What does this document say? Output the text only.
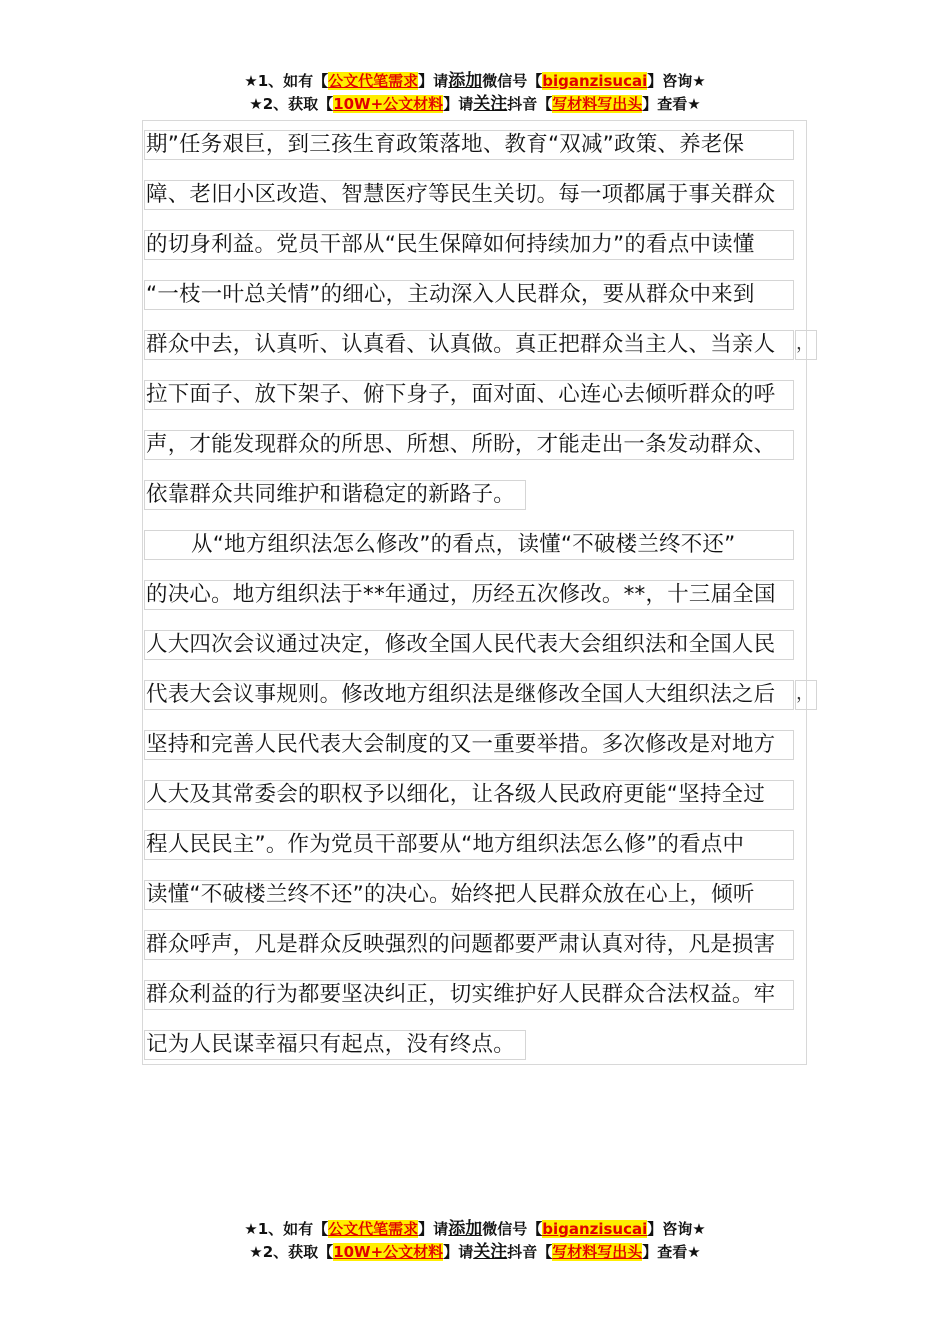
★1、如有【公文代笔需求】请添加微信号【biganzisucai】咨询★
★2、获取【10W+公文材料】请关注抖音【写材料写出头】查看★
期”任务艰巨，到三孩生育政策落地、教育“双减”政策、养老保
障、老旧小区改造、智慧医疗等民生关切。每一项都属于事关群众
的切身利益。党员干部从“民生保障如何持续加力”的看点中读懂
“一枝一叶总关情”的细心，主动深入人民群众，要从群众中来到
群众中去，认真听、认真看、认真做。真正把群众当主人、当亲人	，
拉下面子、放下架子、俯下身子，面对面、心连心去倾听群众的呼
声，才能发现群众的所思、所想、所盼，才能走出一条发动群众、
依靠群众共同维护和谐稳定的新路子。
从“地方组织法怎么修改”的看点，读懂“不破楼兰终不还”
的决心。地方组织法于**年通过，历经五次修改。**，十三届全国
人大四次会议通过决定，修改全国人民代表大会组织法和全国人民
代表大会议事规则。修改地方组织法是继修改全国人大组织法之后	，
坚持和完善人民代表大会制度的又一重要举措。多次修改是对地方
人大及其常委会的职权予以细化，让各级人民政府更能“坚持全过
程人民民主”。作为党员干部要从“地方组织法怎么修”的看点中
读懂“不破楼兰终不还”的决心。始终把人民群众放在心上，倾听
群众呼声，凡是群众反映强烈的问题都要严肃认真对待，凡是损害
群众利益的行为都要坚决纠正，切实维护好人民群众合法权益。牢
记为人民谋幸福只有起点，没有终点。
★1、如有【公文代笔需求】请添加微信号【biganzisucai】咨询★
★2、获取【10W+公文材料】请关注抖音【写材料写出头】查看★
